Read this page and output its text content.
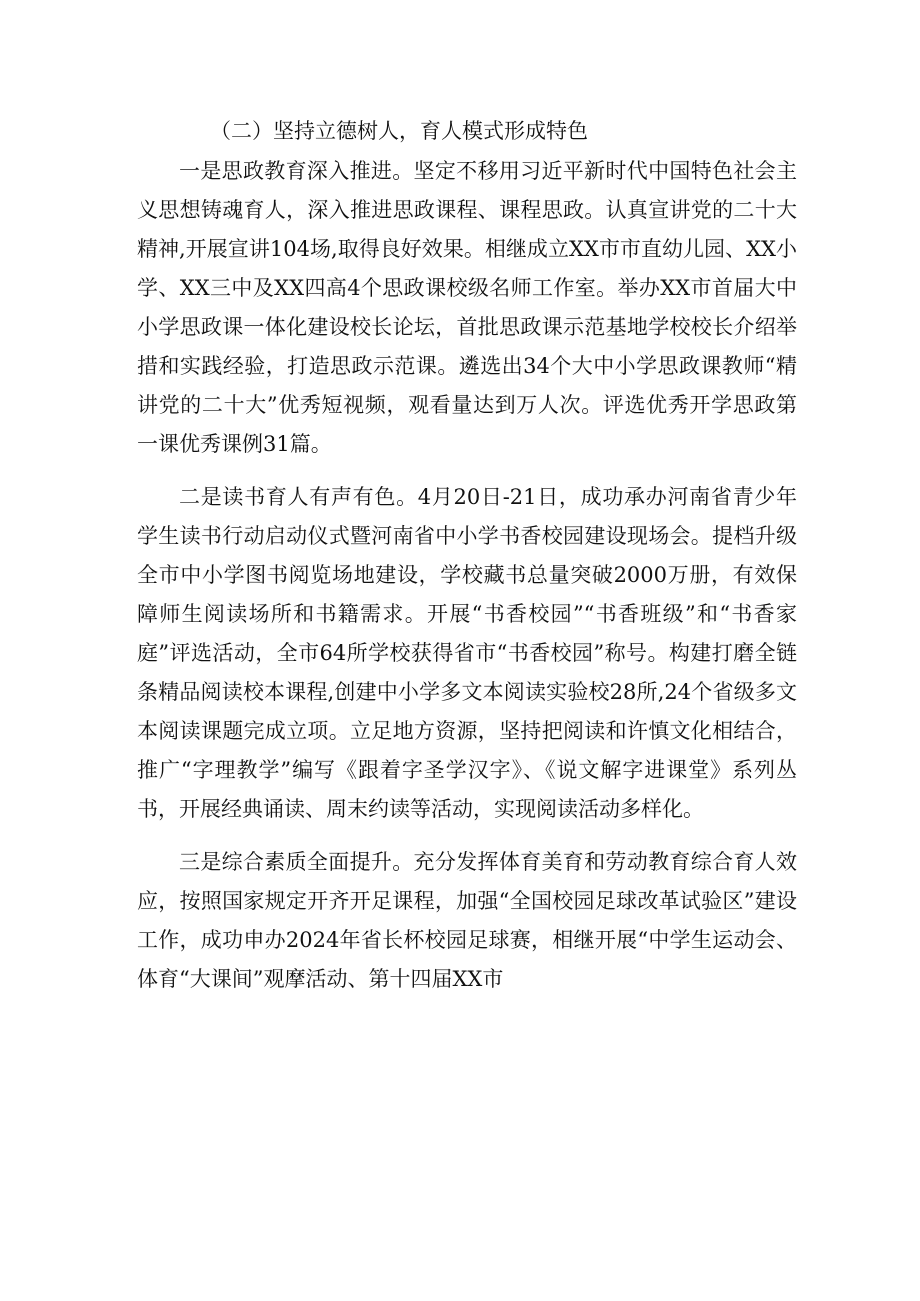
（二）坚持立德树人，育人模式形成特色

一是思政教育深入推进。坚定不移用习近平新时代中国特色社会主义思想铸魂育人，深入推进思政课程、课程思政。认真宣讲党的二十大精神,开展宣讲104场,取得良好效果。相继成立XX市市直幼儿园、XX小学、XX三中及XX四高4个思政课校级名师工作室。举办XX市首届大中小学思政课一体化建设校长论坛，首批思政课示范基地学校校长介绍举措和实践经验，打造思政示范课。遴选出34个大中小学思政课教师“精讲党的二十大”优秀短视频，观看量达到万人次。评选优秀开学思政第一课优秀课例31篇。

二是读书育人有声有色。4月20日-21日，成功承办河南省青少年学生读书行动启动仪式暨河南省中小学书香校园建设现场会。提档升级全市中小学图书阅览场地建设，学校藏书总量突破2000万册，有效保障师生阅读场所和书籍需求。开展“书香校园”“书香班级”和“书香家庭”评选活动，全市64所学校获得省市“书香校园”称号。构建打磨全链条精品阅读校本课程,创建中小学多文本阅读实验校28所,24个省级多文本阅读课题完成立项。立足地方资源，坚持把阅读和许慎文化相结合，推广“字理教学”编写《跟着字圣学汉字》、《说文解字进课堂》系列丛书，开展经典诵读、周末约读等活动，实现阅读活动多样化。

三是综合素质全面提升。充分发挥体育美育和劳动教育综合育人效应，按照国家规定开齐开足课程，加强“全国校园足球改革试验区”建设工作，成功申办2024年省长杯校园足球赛，相继开展“中学生运动会、体育“大课间”观摩活动、第十四届XX市
